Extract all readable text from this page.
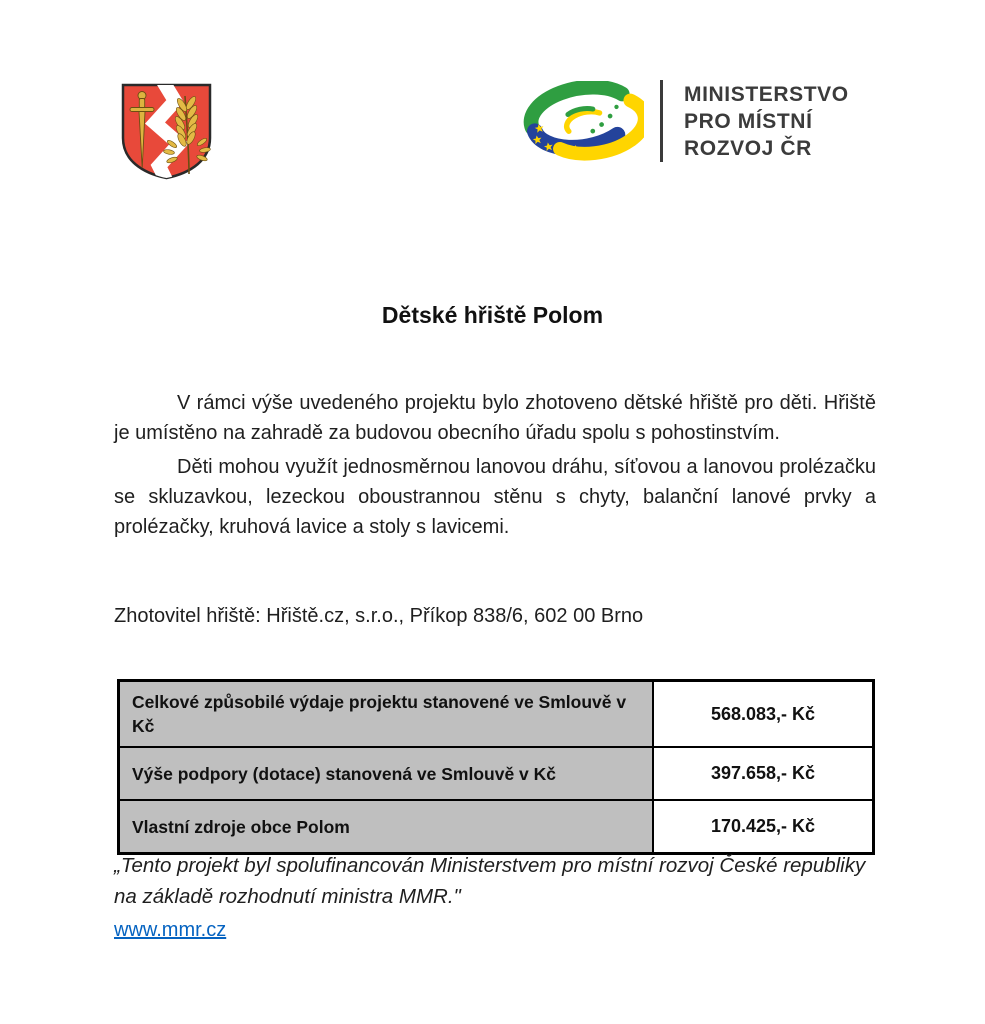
MINISTERSTVO
PRO MÍSTNÍ
ROZVOJ ČR
Dětské hřiště Polom

V rámci výše uvedeného projektu bylo zhotoveno dětské hřiště pro děti. Hřiště je umístěno na zahradě za budovou obecního úřadu spolu s pohostinstvím.

Děti mohou využít jednosměrnou lanovou dráhu, síťovou a lanovou prolézačku se skluzavkou, lezeckou oboustrannou stěnu s chyty, balanční lanové prvky a prolézačky, kruhová lavice a stoly s lavicemi.

Zhotovitel hřiště: Hřiště.cz, s.r.o., Příkop 838/6, 602 00 Brno
Celkové způsobilé výdaje projektu stanovené ve Smlouvě v Kč	568.083,- Kč
Výše podpory (dotace) stanovená ve Smlouvě v Kč	397.658,- Kč
Vlastní zdroje obce Polom	170.425,- Kč

„Tento projekt byl spolufinancován Ministerstvem pro místní rozvoj České republiky na základě rozhodnutí ministra MMR."

www.mmr.cz
